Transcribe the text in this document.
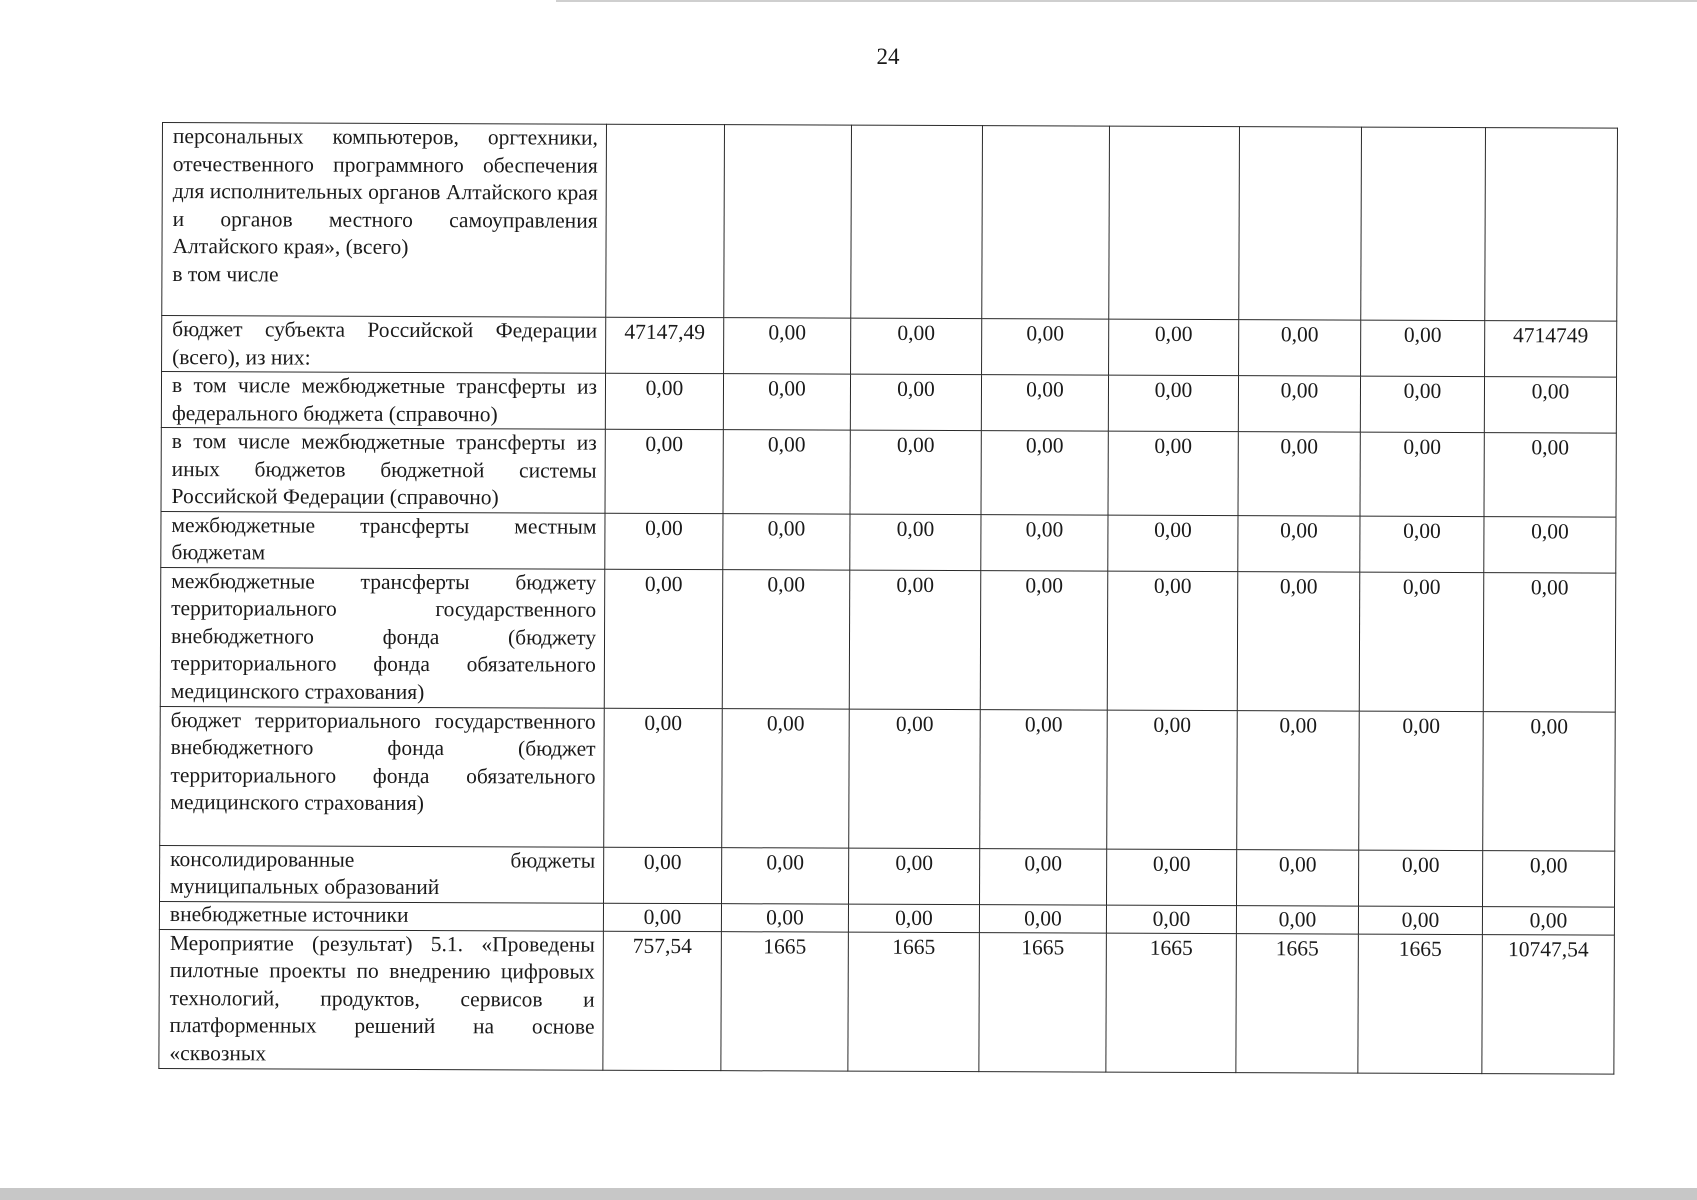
24
персональных компьютеров, оргтехники, отечественного программного обеспечения для исполнительных органов Алтайского края и органов местного самоуправления Алтайского края», (всего)
в том числе								
бюджет субъекта Российской Федерации (всего), из них:	47147,49	0,00	0,00	0,00	0,00	0,00	0,00	4714749
в том числе межбюджетные трансферты из федерального бюджета (справочно)	0,00	0,00	0,00	0,00	0,00	0,00	0,00	0,00
в том числе межбюджетные трансферты из иных бюджетов бюджетной системы Российской Федерации (справочно)	0,00	0,00	0,00	0,00	0,00	0,00	0,00	0,00
межбюджетные трансферты местным бюджетам	0,00	0,00	0,00	0,00	0,00	0,00	0,00	0,00
межбюджетные трансферты бюджету территориального государственного внебюджетного фонда (бюджету территориального фонда обязательного медицинского страхования)	0,00	0,00	0,00	0,00	0,00	0,00	0,00	0,00
бюджет территориального государственного внебюджетного фонда (бюджет территориального фонда обязательного медицинского страхования)	0,00	0,00	0,00	0,00	0,00	0,00	0,00	0,00
консолидированные бюджеты муниципальных образований	0,00	0,00	0,00	0,00	0,00	0,00	0,00	0,00
внебюджетные источники	0,00	0,00	0,00	0,00	0,00	0,00	0,00	0,00
Мероприятие (результат) 5.1. «Проведены пилотные проекты по внедрению цифровых технологий, продуктов, сервисов и платформенных решений на основе «сквозных	757,54	1665	1665	1665	1665	1665	1665	10747,54
